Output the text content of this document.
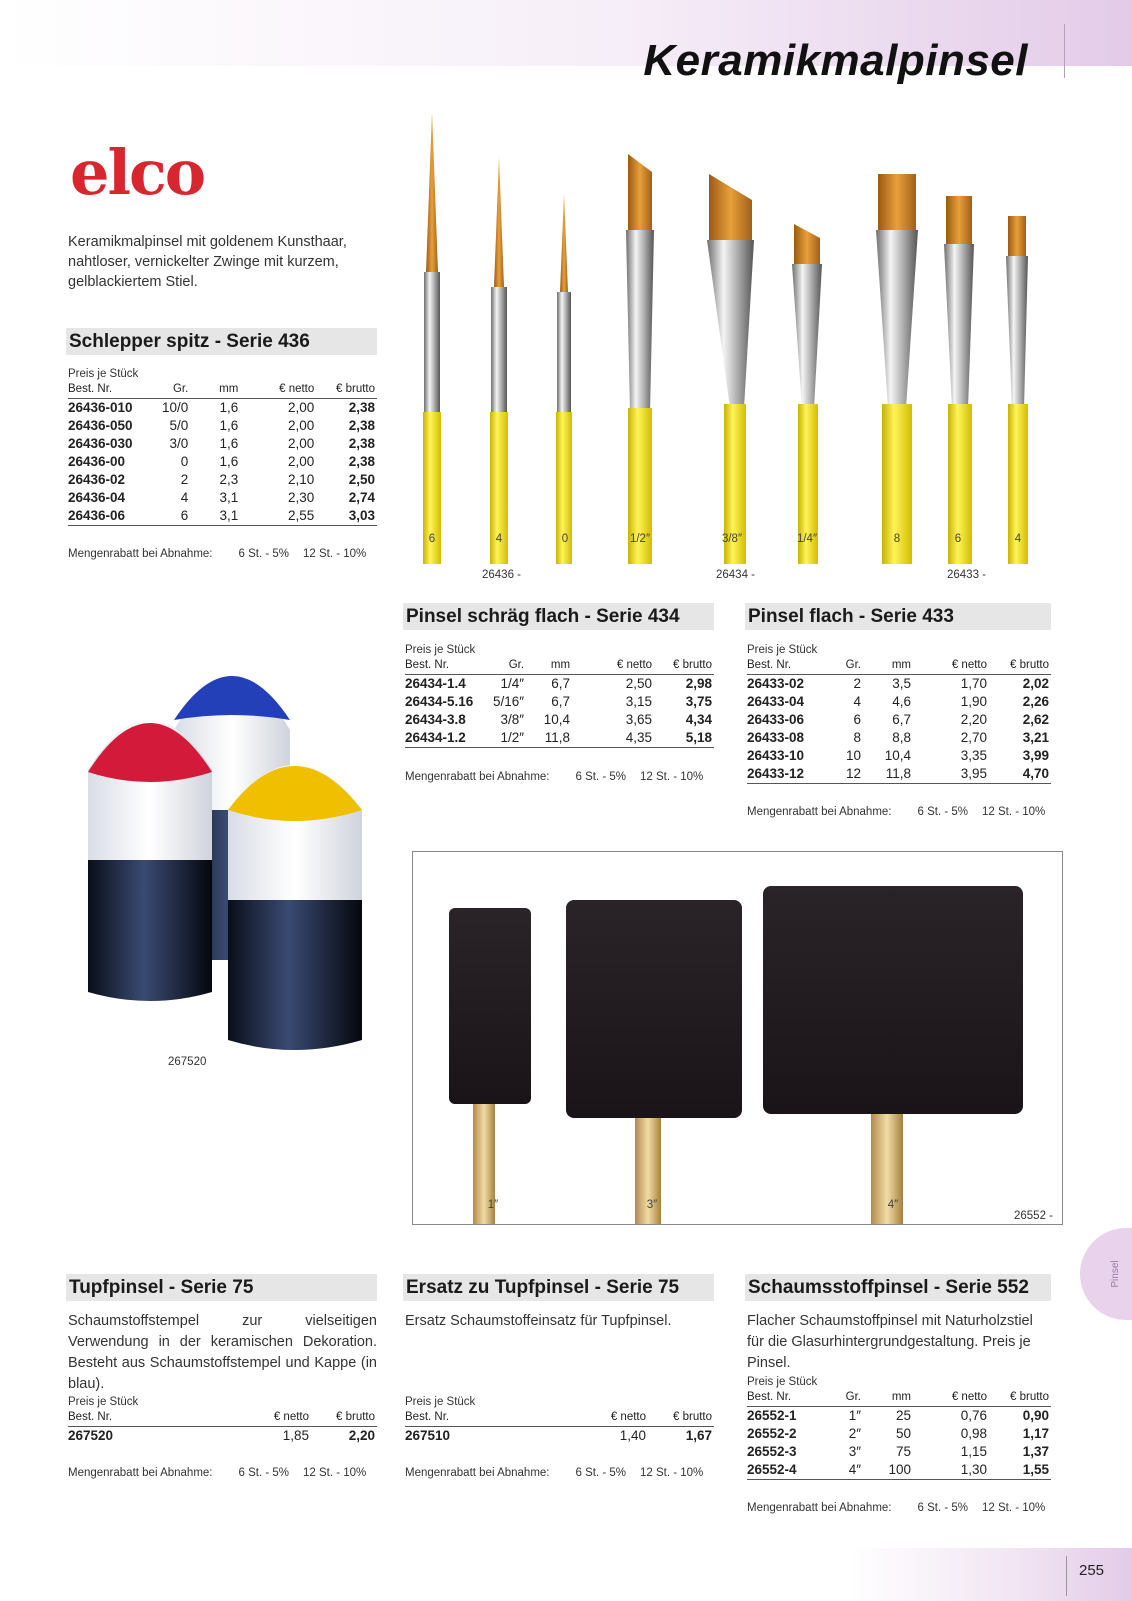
Keramikmalpinsel
elco
Keramikmalpinsel mit goldenem Kunsthaar, nahtloser, vernickelter Zwinge mit kurzem, gelblackiertem Stiel.
Schlepper spitz - Serie 436
Preis je Stück
Best. Nr.	Gr.	mm	€ netto	€ brutto
26436-010	10/0	1,6	2,00	2,38
26436-050	5/0	1,6	2,00	2,38
26436-030	3/0	1,6	2,00	2,38
26436-00	0	1,6	2,00	2,38
26436-02	2	2,3	2,10	2,50
26436-04	4	3,1	2,30	2,74
26436-06	6	3,1	2,55	3,03
Mengenrabatt bei Abnahme: 6 St. - 5% 12 St. - 10%
6	4	0	1/2″	3/8″	1/4″	8	6	4
26436 -	26434 -	26433 -
Pinsel schräg flach - Serie 434
Preis je Stück
Best. Nr.	Gr.	mm	€ netto	€ brutto
26434-1.4	1/4″	6,7	2,50	2,98
26434-5.16	5/16″	6,7	3,15	3,75
26434-3.8	3/8″	10,4	3,65	4,34
26434-1.2	1/2″	11,8	4,35	5,18
Mengenrabatt bei Abnahme: 6 St. - 5% 12 St. - 10%
Pinsel flach - Serie 433
Preis je Stück
Best. Nr.	Gr.	mm	€ netto	€ brutto
26433-02	2	3,5	1,70	2,02
26433-04	4	4,6	1,90	2,26
26433-06	6	6,7	2,20	2,62
26433-08	8	8,8	2,70	3,21
26433-10	10	10,4	3,35	3,99
26433-12	12	11,8	3,95	4,70
Mengenrabatt bei Abnahme: 6 St. - 5% 12 St. - 10%
267520
1″	3″	4″
26552 -
Tupfpinsel - Serie 75
Schaumstoffstempel zur vielseitigen Verwendung in der keramischen Dekoration. Besteht aus Schaumstoffstempel und Kappe (in blau).
Preis je Stück
Best. Nr.	€ netto	€ brutto
267520	1,85	2,20
Mengenrabatt bei Abnahme: 6 St. - 5% 12 St. - 10%
Ersatz zu Tupfpinsel - Serie 75
Ersatz Schaumstoffeinsatz für Tupfpinsel.
Preis je Stück
Best. Nr.	€ netto	€ brutto
267510	1,40	1,67
Mengenrabatt bei Abnahme: 6 St. - 5% 12 St. - 10%
Schaumsstoffpinsel - Serie 552
Flacher Schaumstoffpinsel mit Naturholzstiel für die Glasurhintergrundgestaltung. Preis je Pinsel.
Preis je Stück
Best. Nr.	Gr.	mm	€ netto	€ brutto
26552-1	1″	25	0,76	0,90
26552-2	2″	50	0,98	1,17
26552-3	3″	75	1,15	1,37
26552-4	4″	100	1,30	1,55
Mengenrabatt bei Abnahme: 6 St. - 5% 12 St. - 10%
Pinsel
255
